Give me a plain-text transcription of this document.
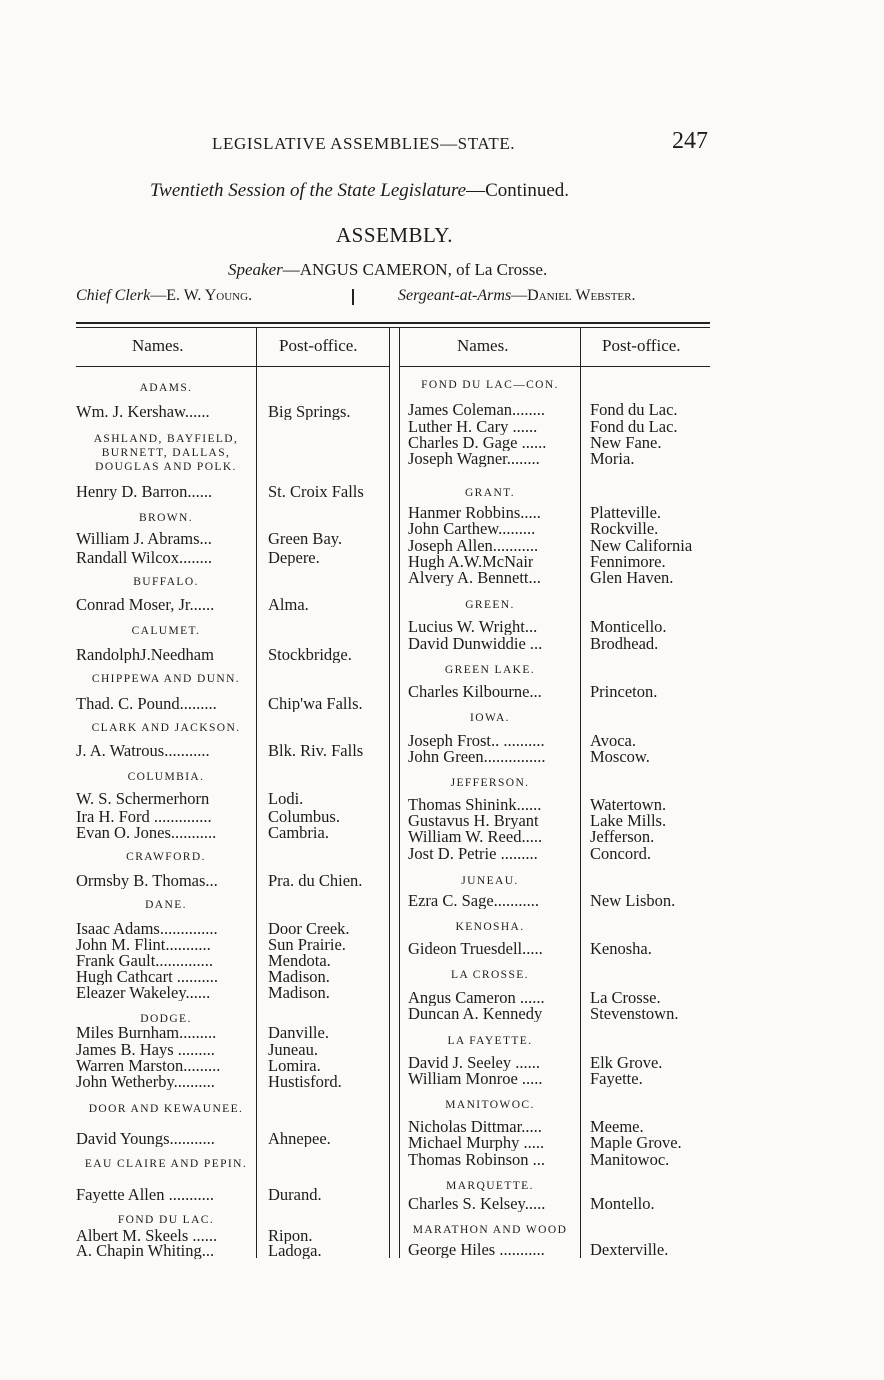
LEGISLATIVE ASSEMBLIES—STATE.	247
Twentieth Session of the State Legislature—Continued.
ASSEMBLY.
Speaker—ANGUS CAMERON, of La Crosse.
Chief Clerk—E. W. Young.	Sergeant-at-Arms—Daniel Webster.
Names.	Post-office.	Names.	Post-office.
ADAMS.
Wm. J. Kershaw......	Big Springs.
ASHLAND, BAYFIELD, BURNETT, DALLAS, DOUGLAS AND POLK.
Henry D. Barron......	St. Croix Falls
BROWN.
William J. Abrams...	Green Bay.
Randall Wilcox........	Depere.
BUFFALO.
Conrad Moser, Jr......	Alma.
CALUMET.
RandolphJ.Needham	Stockbridge.
CHIPPEWA AND DUNN.
Thad. C. Pound.........	Chip'wa Falls.
CLARK AND JACKSON.
J. A. Watrous...........	Blk. Riv. Falls
COLUMBIA.
W. S. Schermerhorn	Lodi.
Ira H. Ford ..............	Columbus.
Evan O. Jones...........	Cambria.
CRAWFORD.
Ormsby B. Thomas...	Pra. du Chien.
DANE.
Isaac Adams..............	Door Creek.
John M. Flint...........	Sun Prairie.
Frank Gault..............	Mendota.
Hugh Cathcart ..........	Madison.
Eleazer Wakeley......	Madison.
DODGE.
Miles Burnham.........	Danville.
James B. Hays .........	Juneau.
Warren Marston.........	Lomira.
John Wetherby..........	Hustisford.
DOOR AND KEWAUNEE.
David Youngs...........	Ahnepee.
EAU CLAIRE AND PEPIN.
Fayette Allen ...........	Durand.
FOND DU LAC.
Albert M. Skeels ......	Ripon.
A. Chapin Whiting...	Ladoga.
FOND DU LAC—CON.
James Coleman........	Fond du Lac.
Luther H. Cary ......	Fond du Lac.
Charles D. Gage ......	New Fane.
Joseph Wagner........	Moria.
GRANT.
Hanmer Robbins.....	Platteville.
John Carthew.........	Rockville.
Joseph Allen...........	New California
Hugh A.W.McNair	Fennimore.
Alvery A. Bennett...	Glen Haven.
GREEN.
Lucius W. Wright...	Monticello.
David Dunwiddie ...	Brodhead.
GREEN LAKE.
Charles Kilbourne...	Princeton.
IOWA.
Joseph Frost.. ..........	Avoca.
John Green...............	Moscow.
JEFFERSON.
Thomas Shinink......	Watertown.
Gustavus H. Bryant	Lake Mills.
William W. Reed.....	Jefferson.
Jost D. Petrie .........	Concord.
JUNEAU.
Ezra C. Sage...........	New Lisbon.
KENOSHA.
Gideon Truesdell.....	Kenosha.
LA CROSSE.
Angus Cameron ......	La Crosse.
Duncan A. Kennedy	Stevenstown.
LA FAYETTE.
David J. Seeley ......	Elk Grove.
William Monroe .....	Fayette.
MANITOWOC.
Nicholas Dittmar.....	Meeme.
Michael Murphy .....	Maple Grove.
Thomas Robinson ...	Manitowoc.
MARQUETTE.
Charles S. Kelsey.....	Montello.
MARATHON AND WOOD
George Hiles ...........	Dexterville.
